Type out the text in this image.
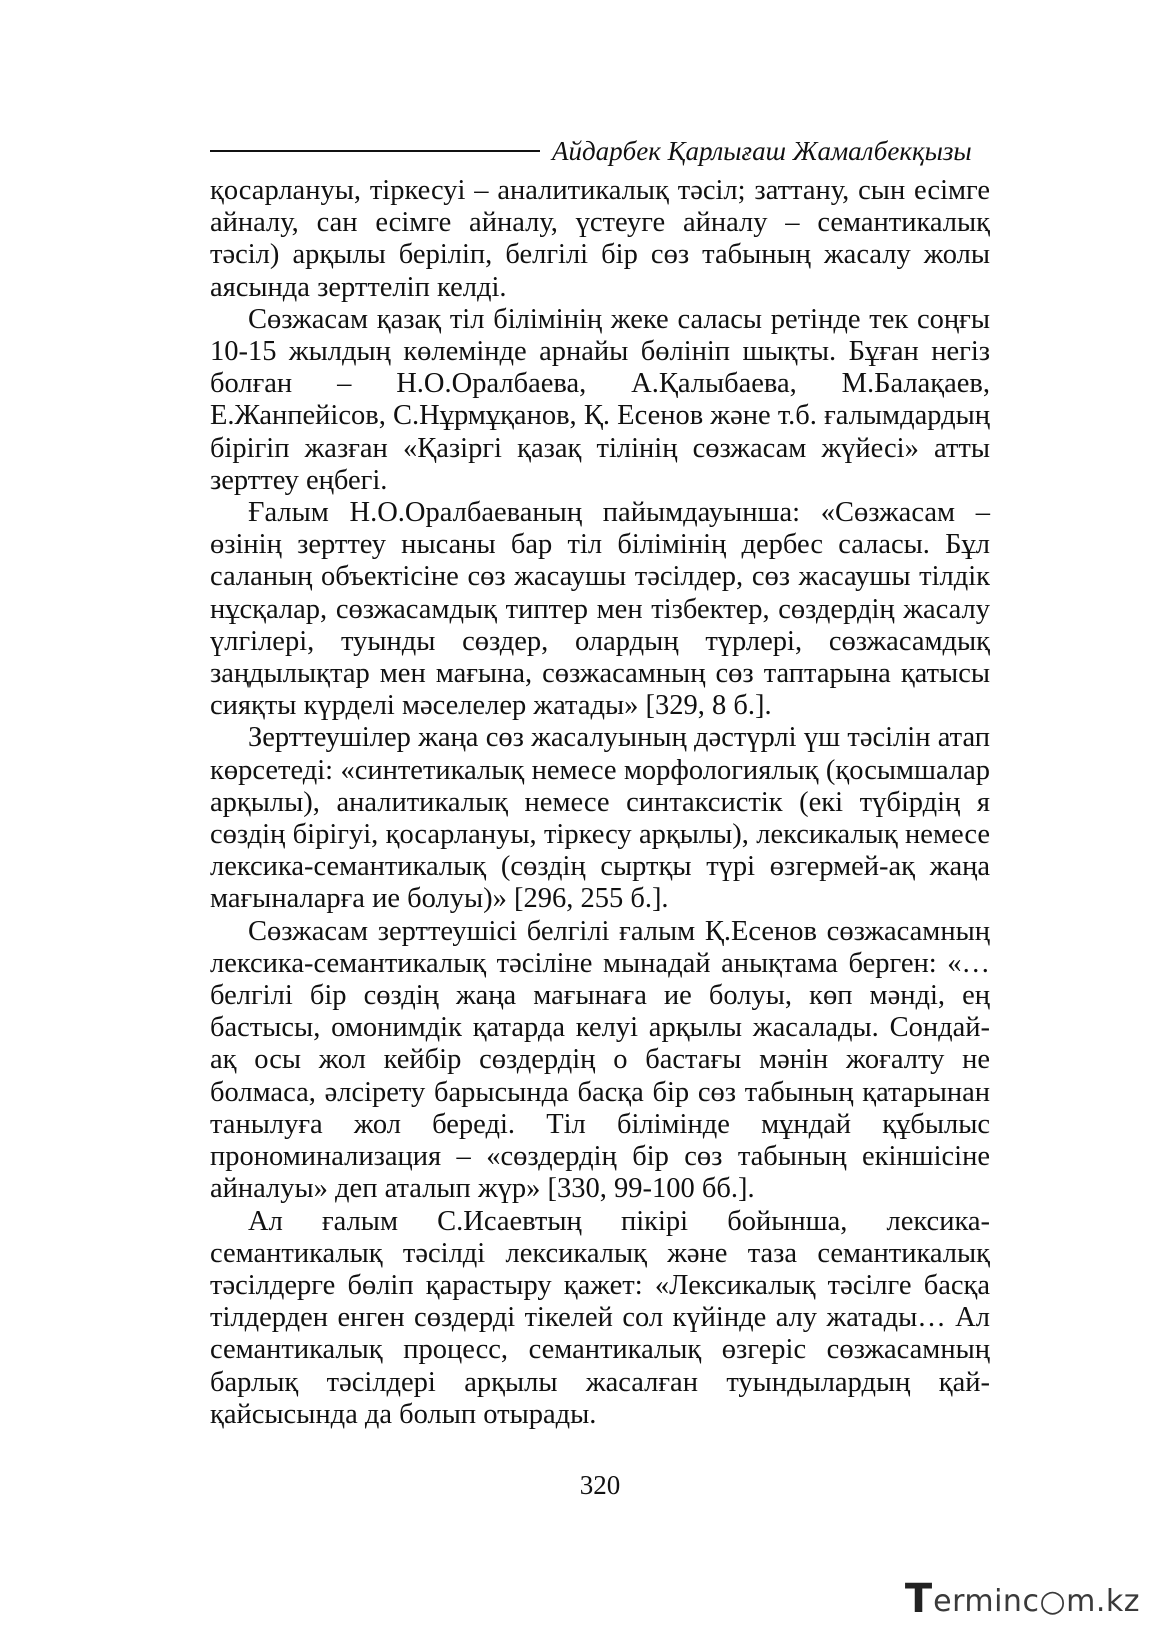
Айдарбек Қарлығаш Жамалбекқызы

қосарлануы, тіркесуі – аналитикалық тәсіл; заттану, сын есімге айналу, сан есімге айналу, үстеуге айналу – семантикалық тәсіл) арқылы беріліп, белгілі бір сөз табының жасалу жолы аясында зерттеліп келді.

Сөзжасам қазақ тіл білімінің жеке саласы ретінде тек соңғы 10-15 жылдың көлемінде арнайы бөлініп шықты. Бұған негіз болған – Н.О.Оралбаева, А.Қалыбаева, М.Балақаев, Е.Жанпейісов, С.Нұрмұқанов, Қ. Есенов және т.б. ғалымдардың бірігіп жазған «Қазіргі қазақ тілінің сөзжасам жүйесі» атты зерттеу еңбегі.

Ғалым Н.О.Оралбаеваның пайымдауынша: «Сөзжасам – өзінің зерттеу нысаны бар тіл білімінің дербес саласы. Бұл саланың объектісіне сөз жасаушы тәсілдер, сөз жасаушы тілдік нұсқалар, сөзжасамдық типтер мен тізбектер, сөздердің жасалу үлгілері, туынды сөздер, олардың түрлері, сөзжасамдық заңдылықтар мен мағына, сөзжасамның сөз таптарына қатысы сияқты күрделі мәселелер жатады» [329, 8 б.].

Зерттеушілер жаңа сөз жасалуының дәстүрлі үш тәсілін атап көрсетеді: «синтетикалық немесе морфологиялық (қосымшалар арқылы), аналитикалық немесе синтаксистік (екі түбірдің я сөздің бірігуі, қосарлануы, тіркесу арқылы), лексикалық немесе лексика-семантикалық (сөздің сыртқы түрі өзгермей-ақ жаңа мағыналарға ие болуы)» [296, 255 б.].

Сөзжасам зерттеушісі белгілі ғалым Қ.Есенов сөзжасамның лексика-семантикалық тәсіліне мынадай анықтама берген: «…белгілі бір сөздің жаңа мағынаға ие болуы, көп мәнді, ең бастысы, омонимдік қатарда келуі арқылы жасалады. Сондай-ақ осы жол кейбір сөздердің о бастағы мәнін жоғалту не болмаса, әлсірету барысында басқа бір сөз табының қатарынан танылуға жол береді. Тіл білімінде мұндай құбылыс прономинализация – «сөздердің бір сөз табының екіншісіне айналуы» деп аталып жүр» [330, 99-100 бб.].

Ал ғалым С.Исаевтың пікірі бойынша, лексика-семантикалық тәсілді лексикалық және таза семантикалық тәсілдерге бөліп қарастыру қажет: «Лексикалық тәсілге басқа тілдерден енген сөздерді тікелей сол күйінде алу жатады… Ал семантикалық процесс, семантикалық өзгеріс сөзжасамның барлық тәсілдері арқылы жасалған туындылардың қай-қайсысында да болып отырады.

320
T erminc○m.kz
